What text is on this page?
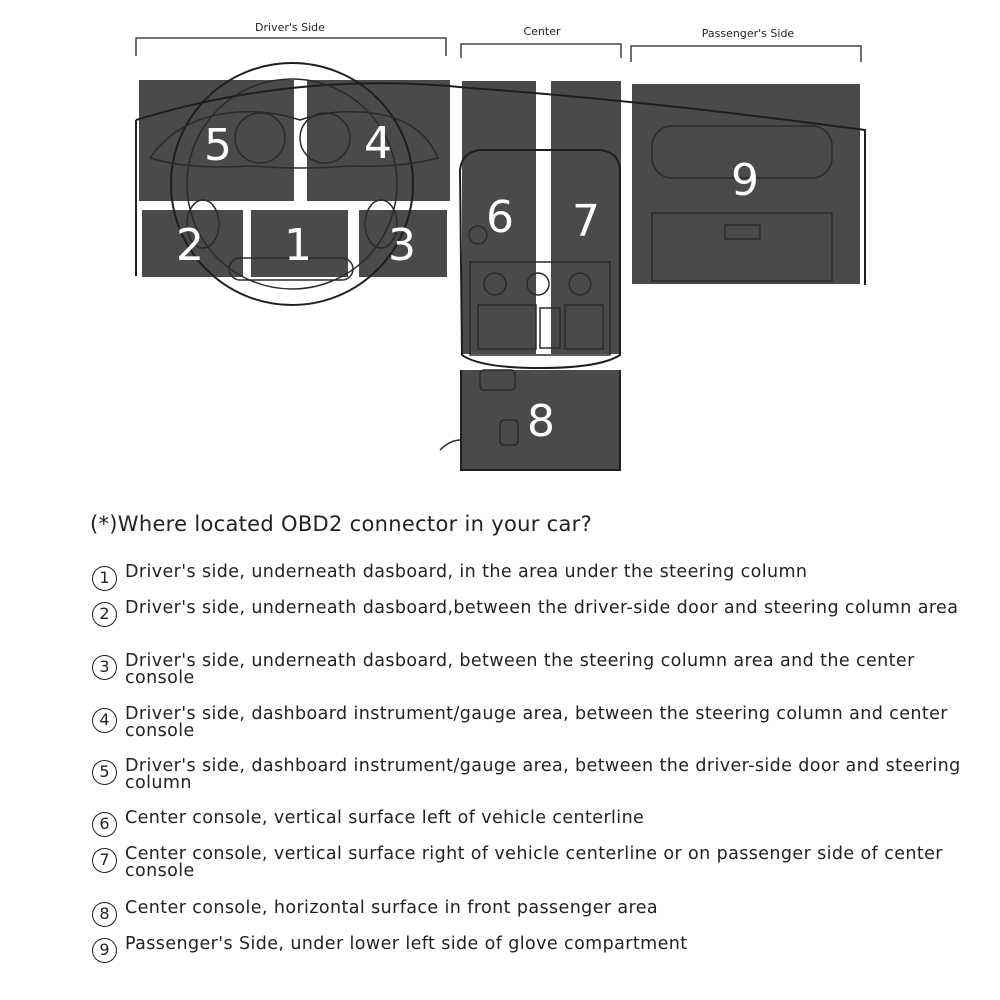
Driver's Side	Center	Passenger's Side
5	4
2 1 3
6 7
8
9
(*)Where located OBD2 connector in your car?
1 Driver's side, underneath dasboard, in the area under the steering column
2 Driver's side, underneath dasboard,between the driver-side door and steering column area
3 Driver's side, underneath dasboard, between the steering column area and the center console
4 Driver's side, dashboard instrument/gauge area, between the steering column and center console
5 Driver's side, dashboard instrument/gauge area, between the driver-side door and steering column
6 Center console, vertical surface left of vehicle centerline
7 Center console, vertical surface right of vehicle centerline or on passenger side of center console
8 Center console, horizontal surface in front passenger area
9 Passenger's Side, under lower left side of glove compartment
